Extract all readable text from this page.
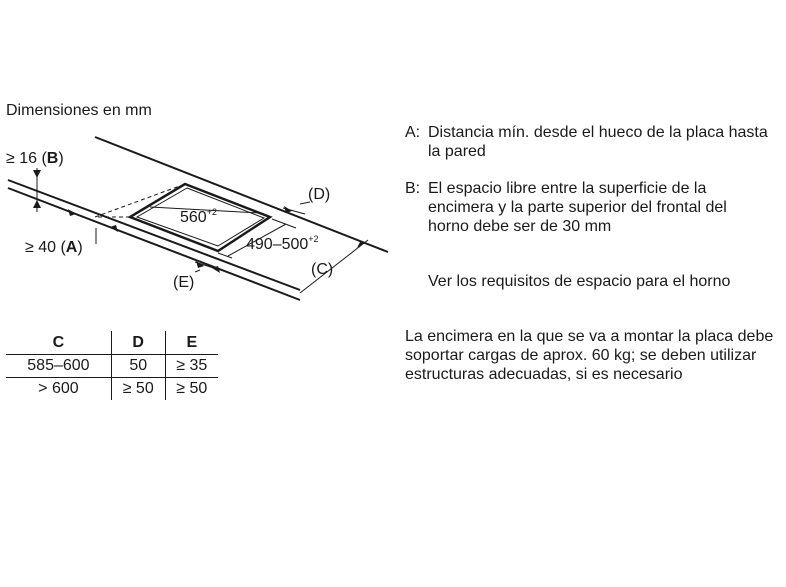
Dimensiones en mm
≥ 16 (B)
≥ 40 (A)
(E)
(D)
(C)
$560^{+2}$
$490-500^{+2}$
C	D	E
585–600	50	≥ 35
> 600	≥ 50	≥ 50
A: Distancia mín. desde el hueco de la placa hasta la pared
B: El espacio libre entre la superficie de la encimera y la parte superior del frontal del horno debe ser de 30 mm
Ver los requisitos de espacio para el horno
La encimera en la que se va a montar la placa debe soportar cargas de aprox. 60 kg; se deben utilizar estructuras adecuadas, si es necesario
